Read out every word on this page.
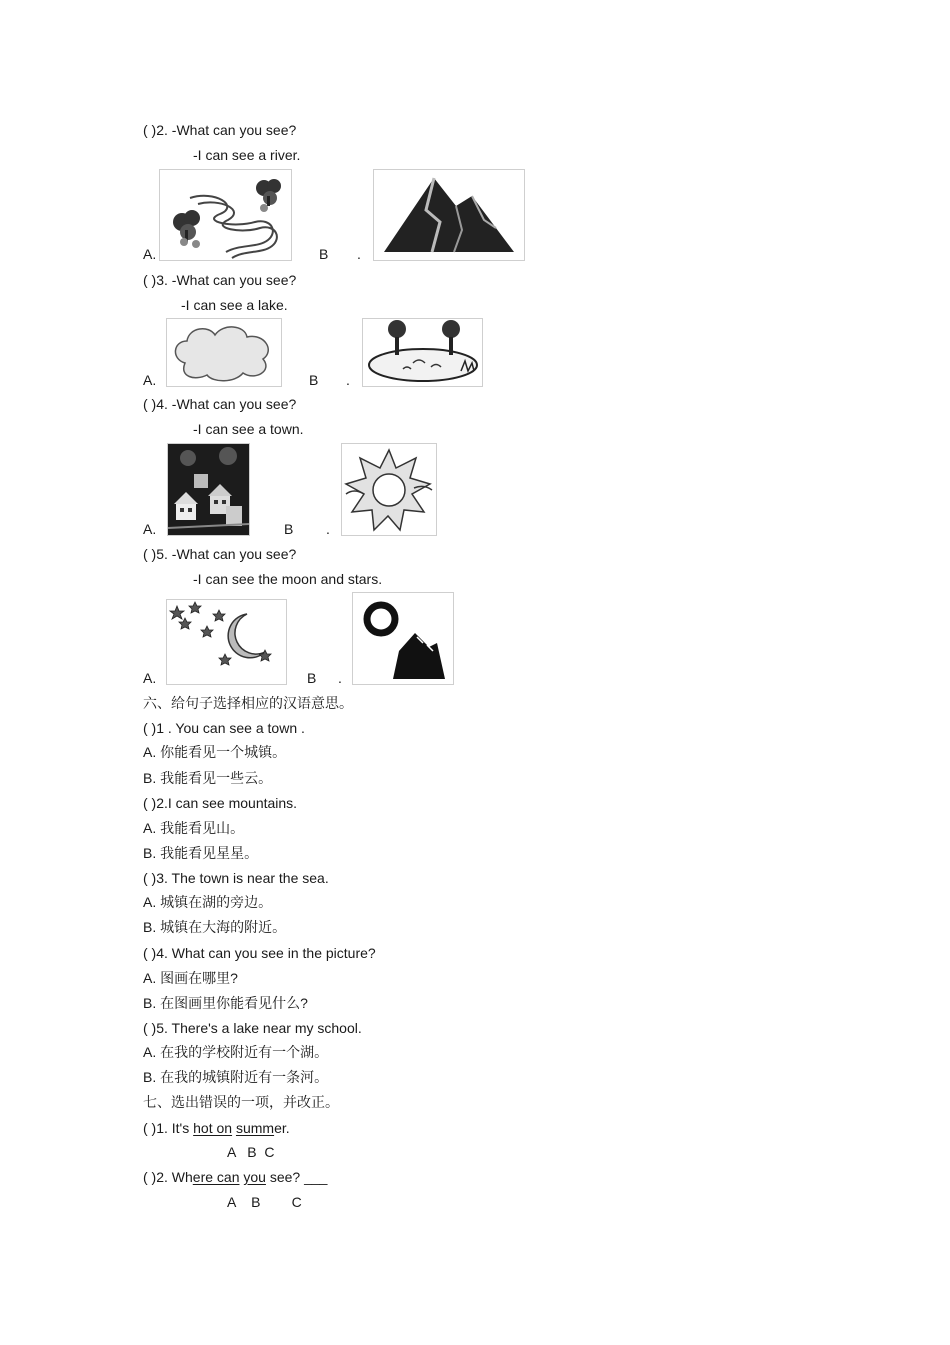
( )2. -What can you see?
-I can see a river.
A.	B .
( )3. -What can you see?
-I can see a lake.
A.	B .
( )4. -What can you see?
-I can see a town.
A.	B .
( )5. -What can you see?
-I can see the moon and stars.
A.	B .
六、给句子选择相应的汉语意思。
( )1 . You can see a town .
A. 你能看见一个城镇。
B. 我能看见一些云。
( )2.I can see mountains.
A. 我能看见山。
B. 我能看见星星。
( )3. The town is near the sea.
A. 城镇在湖的旁边。
B. 城镇在大海的附近。
( )4. What can you see in the picture?
A. 图画在哪里?
B. 在图画里你能看见什么?
( )5. There's a lake near my school.
A. 在我的学校附近有一个湖。
B. 在我的城镇附近有一条河。
七、选出错误的一项，并改正。
( )1. It's hot on summer.
A   B  C
( )2. Where can you see? ___
A    B        C
